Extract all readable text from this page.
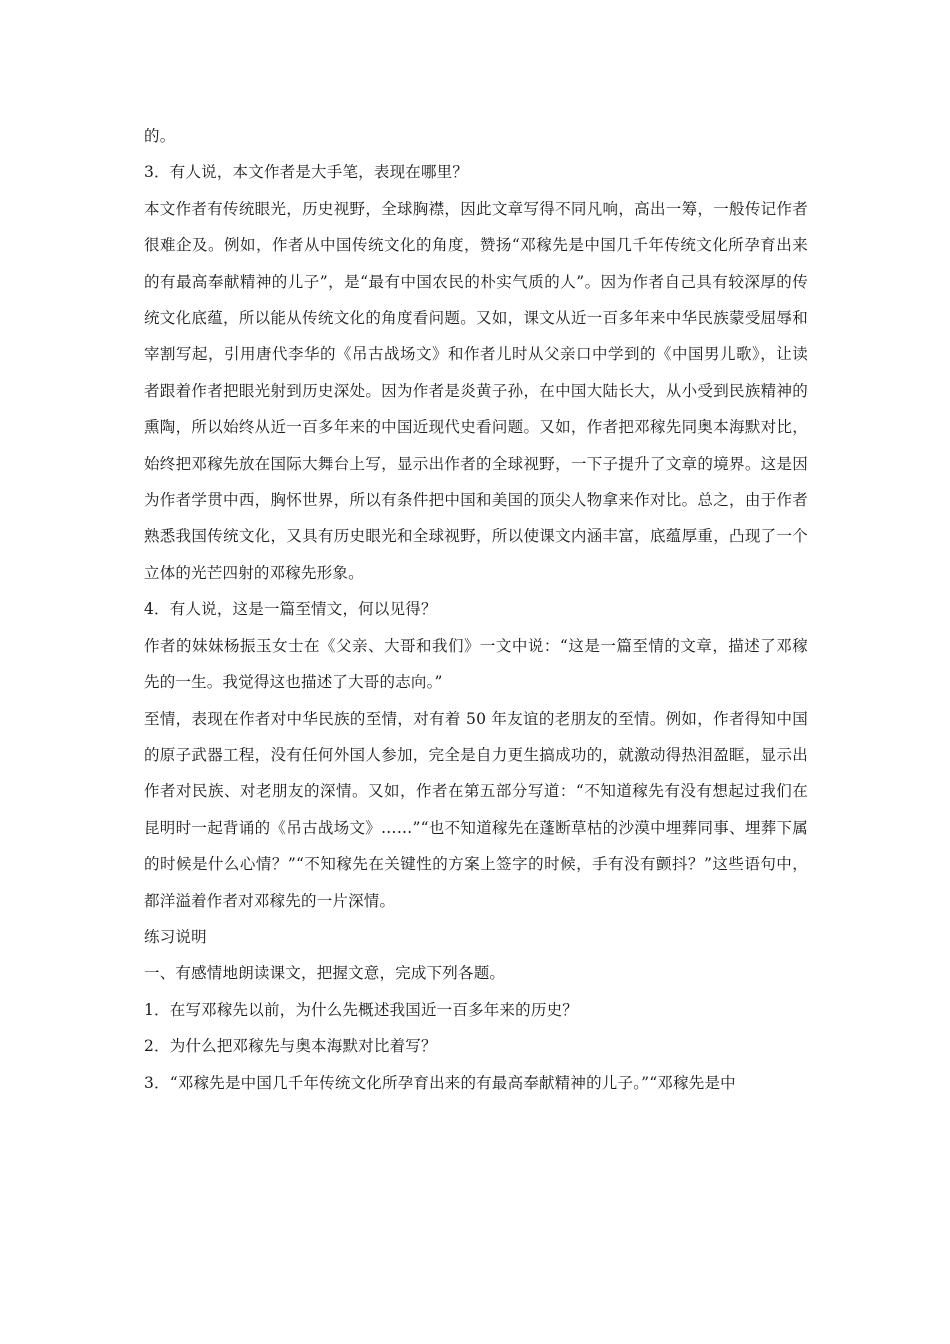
的。

3．有人说，本文作者是大手笔，表现在哪里？

本文作者有传统眼光，历史视野，全球胸襟，因此文章写得不同凡响，高出一筹，一般传记作者很难企及。例如，作者从中国传统文化的角度，赞扬“邓稼先是中国几千年传统文化所孕育出来的有最高奉献精神的儿子”，是“最有中国农民的朴实气质的人”。因为作者自己具有较深厚的传统文化底蕴，所以能从传统文化的角度看问题。又如，课文从近一百多年来中华民族蒙受屈辱和宰割写起，引用唐代李华的《吊古战场文》和作者儿时从父亲口中学到的《中国男儿歌》，让读者跟着作者把眼光射到历史深处。因为作者是炎黄子孙，在中国大陆长大，从小受到民族精神的熏陶，所以始终从近一百多年来的中国近现代史看问题。又如，作者把邓稼先同奥本海默对比，始终把邓稼先放在国际大舞台上写，显示出作者的全球视野，一下子提升了文章的境界。这是因为作者学贯中西，胸怀世界，所以有条件把中国和美国的顶尖人物拿来作对比。总之，由于作者熟悉我国传统文化，又具有历史眼光和全球视野，所以使课文内涵丰富，底蕴厚重，凸现了一个立体的光芒四射的邓稼先形象。

4．有人说，这是一篇至情文，何以见得？

作者的妹妹杨振玉女士在《父亲、大哥和我们》一文中说：“这是一篇至情的文章，描述了邓稼先的一生。我觉得这也描述了大哥的志向。”

至情，表现在作者对中华民族的至情，对有着 50 年友谊的老朋友的至情。例如，作者得知中国的原子武器工程，没有任何外国人参加，完全是自力更生搞成功的，就激动得热泪盈眶，显示出作者对民族、对老朋友的深情。又如，作者在第五部分写道：“不知道稼先有没有想起过我们在昆明时一起背诵的《吊古战场文》……”“也不知道稼先在蓬断草枯的沙漠中埋葬同事、埋葬下属的时候是什么心情？”“不知稼先在关键性的方案上签字的时候，手有没有颤抖？”这些语句中，都洋溢着作者对邓稼先的一片深情。

练习说明

一、有感情地朗读课文，把握文意，完成下列各题。

1．在写邓稼先以前，为什么先概述我国近一百多年来的历史？

2．为什么把邓稼先与奥本海默对比着写？

3．“邓稼先是中国几千年传统文化所孕育出来的有最高奉献精神的儿子。”“邓稼先是中
